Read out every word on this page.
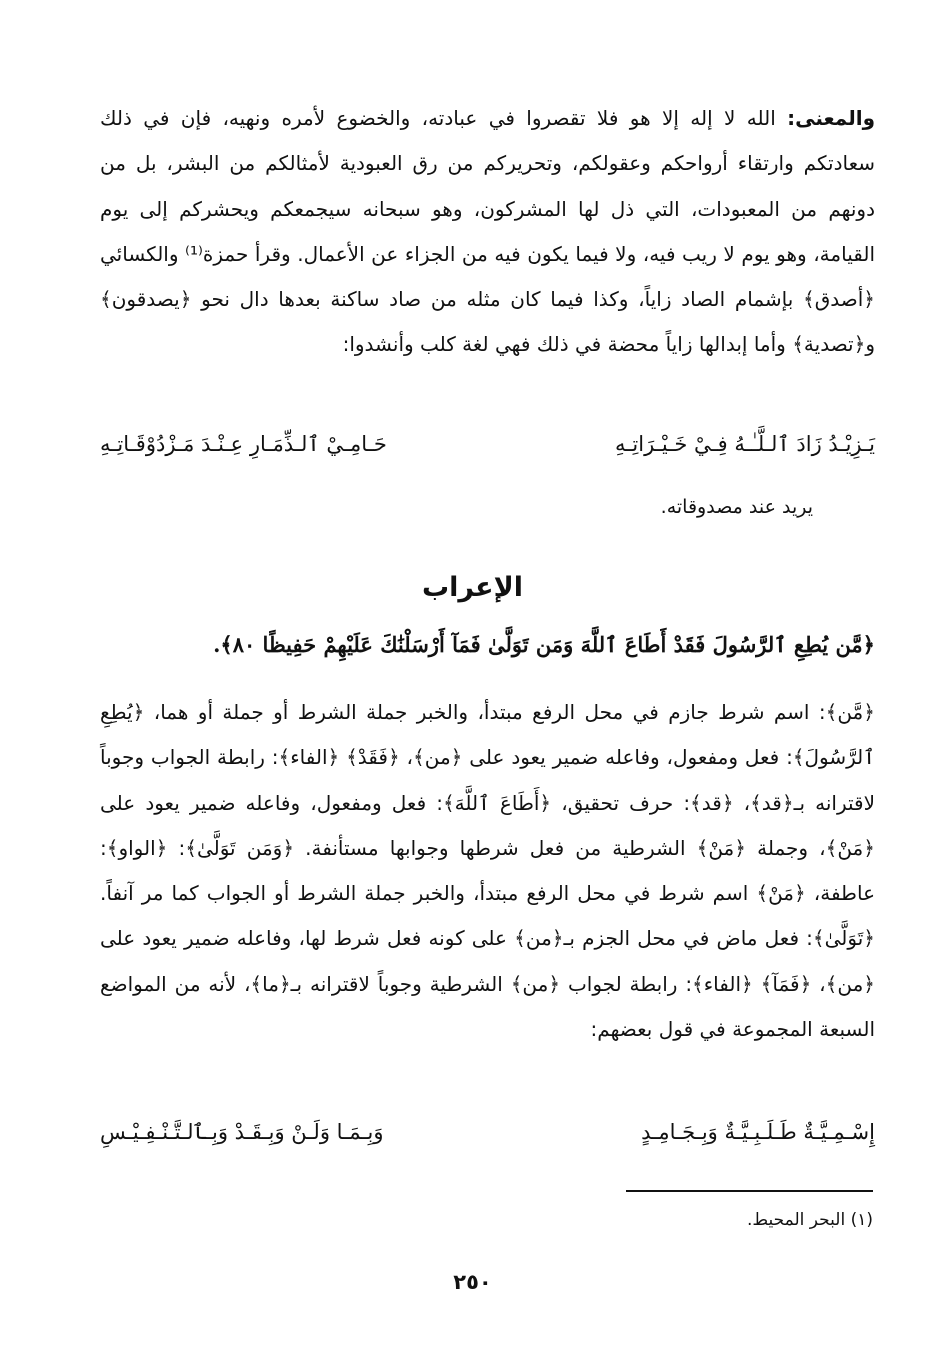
والمعنى: الله لا إله إلا هو فلا تقصروا في عبادته، والخضوع لأمره ونهيه، فإن في ذلك سعادتكم وارتقاء أرواحكم وعقولكم، وتحريركم من رق العبودية لأمثالكم من البشر، بل من دونهم من المعبودات، التي ذل لها المشركون، وهو سبحانه سيجمعكم ويحشركم إلى يوم القيامة، وهو يوم لا ريب فيه، ولا فيما يكون فيه من الجزاء عن الأعمال. وقرأ حمزة⁽¹⁾ والكسائي ﴿أصدق﴾ بإشمام الصاد زاياً، وكذا فيما كان مثله من صاد ساكنة بعدها دال نحو ﴿يصدقون﴾ و﴿تصدية﴾ وأما إبدالها زاياً محضة في ذلك فهي لغة كلب وأنشدوا:

يَـزِيْـدُ زَادَ ٱلـلَّـٰـهُ فِـيْ خَـيْـرَاتِـهِ
حَـامِـيْ ٱلـذِّمَـارِ عِـنْـدَ مَـزْدُوْقَـاتِـهِ
يريد عند مصدوقاته.
الإعراب
﴿مَّن يُطِعِ ٱلرَّسُولَ فَقَدْ أَطَاعَ ٱللَّهَ وَمَن تَوَلَّىٰ فَمَآ أَرْسَلْنَٰكَ عَلَيْهِمْ حَفِيظًا ٨٠﴾.

﴿مَّن﴾: اسم شرط جازم في محل الرفع مبتدأ، والخبر جملة الشرط أو جملة أو هما، ﴿يُطِعِ ٱلرَّسُولَ﴾: فعل ومفعول، وفاعله ضمير يعود على ﴿من﴾، ﴿فَقَدْ﴾ ﴿الفاء﴾: رابطة الجواب وجوباً لاقترانه بـ﴿قد﴾، ﴿قد﴾: حرف تحقيق، ﴿أَطَاعَ ٱللَّهَ﴾: فعل ومفعول، وفاعله ضمير يعود على ﴿مَنْ﴾، وجملة ﴿مَنْ﴾ الشرطية من فعل شرطها وجوابها مستأنفة. ﴿وَمَن تَوَلَّىٰ﴾: ﴿الواو﴾: عاطفة، ﴿مَنْ﴾ اسم شرط في محل الرفع مبتدأ، والخبر جملة الشرط أو الجواب كما مر آنفاً. ﴿تَوَلَّىٰ﴾: فعل ماض في محل الجزم بـ﴿من﴾ على كونه فعل شرط لها، وفاعله ضمير يعود على ﴿من﴾، ﴿فَمَآ﴾ ﴿الفاء﴾: رابطة لجواب ﴿من﴾ الشرطية وجوباً لاقترانه بـ﴿ما﴾، لأنه من المواضع السبعة المجموعة في قول بعضهم:

إِسْـمِـيَّـةٌ طَـلَـبِـيَّـةٌ وَبِـجَـامِـدٍ
وَبِـمَـا وَلَـنْ وَبِـقَـدْ وَبِـٱلـتَّـنْـفِـيْـسِ
(١) البحر المحيط.
٢٥٠
